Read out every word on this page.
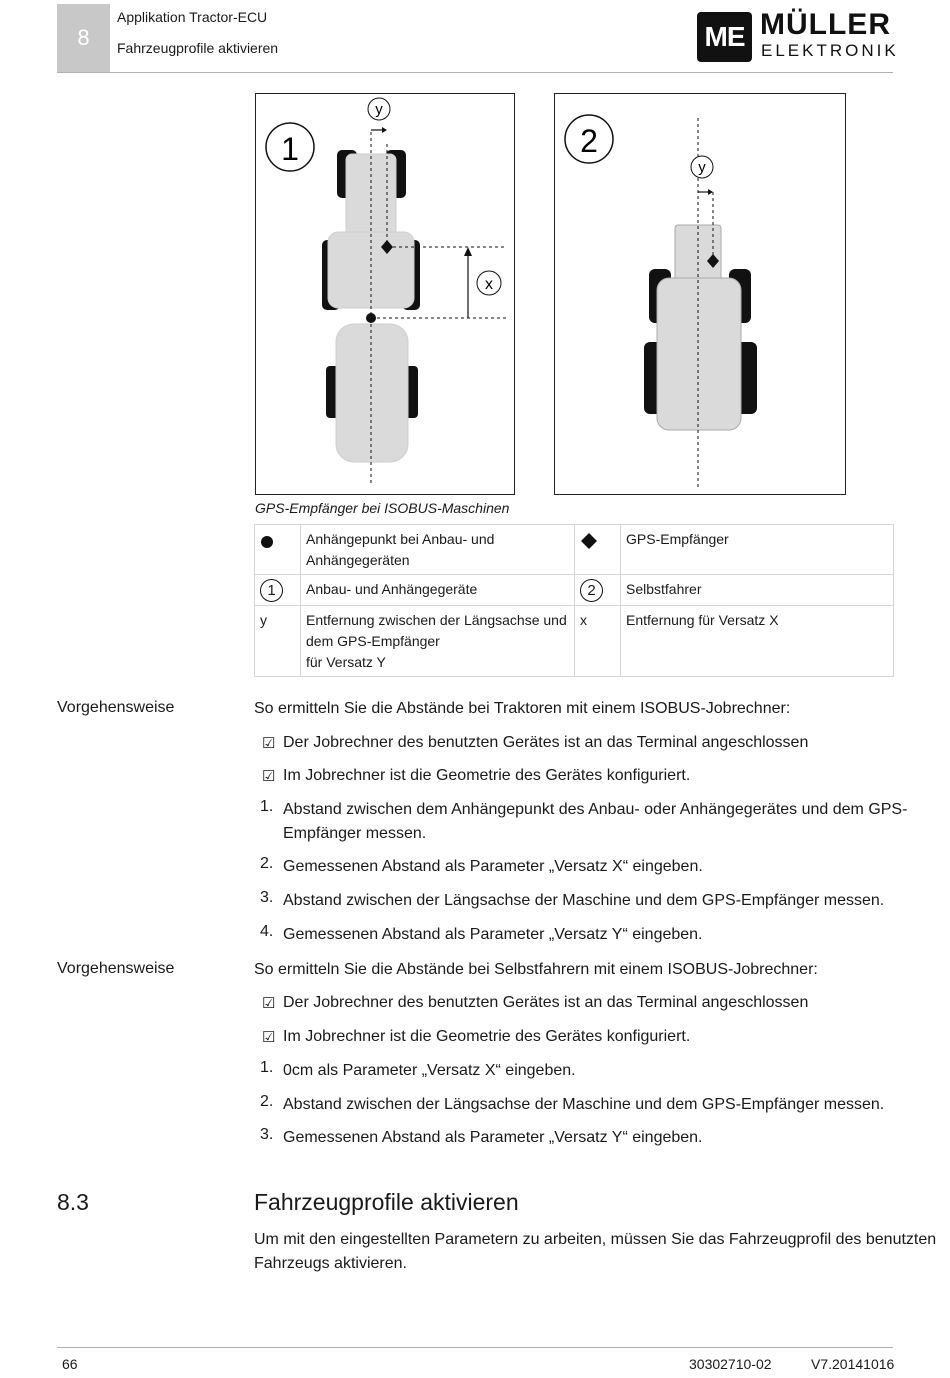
8
Applikation Tractor-ECU
Fahrzeugprofile aktivieren	ME MÜLLER
ELEKTRONIK
1
y
x
2
y
GPS-Empfänger bei ISOBUS-Maschinen
	Anhängepunkt bei Anbau- und Anhängegeräten		GPS-Empfänger
1	Anbau- und Anhängegeräte	2	Selbstfahrer
y	Entfernung zwischen der Längsachse und dem GPS-Empfänger
für Versatz Y	x	Entfernung für Versatz X
Vorgehensweise	So ermitteln Sie die Abstände bei Traktoren mit einem ISOBUS-Jobrechner:
☑ Der Jobrechner des benutzten Gerätes ist an das Terminal angeschlossen
☑ Im Jobrechner ist die Geometrie des Gerätes konfiguriert.
1. Abstand zwischen dem Anhängepunkt des Anbau- oder Anhängegerätes und dem GPS-
Empfänger messen.
2. Gemessenen Abstand als Parameter „Versatz X“ eingeben.
3. Abstand zwischen der Längsachse der Maschine und dem GPS-Empfänger messen.
4. Gemessenen Abstand als Parameter „Versatz Y“ eingeben.
Vorgehensweise	So ermitteln Sie die Abstände bei Selbstfahrern mit einem ISOBUS-Jobrechner:
☑ Der Jobrechner des benutzten Gerätes ist an das Terminal angeschlossen
☑ Im Jobrechner ist die Geometrie des Gerätes konfiguriert.
1. 0cm als Parameter „Versatz X“ eingeben.
2. Abstand zwischen der Längsachse der Maschine und dem GPS-Empfänger messen.
3. Gemessenen Abstand als Parameter „Versatz Y“ eingeben.
8.3	Fahrzeugprofile aktivieren
Um mit den eingestellten Parametern zu arbeiten, müssen Sie das Fahrzeugprofil des benutzten
Fahrzeugs aktivieren.
66	30302710-02	V7.20141016
